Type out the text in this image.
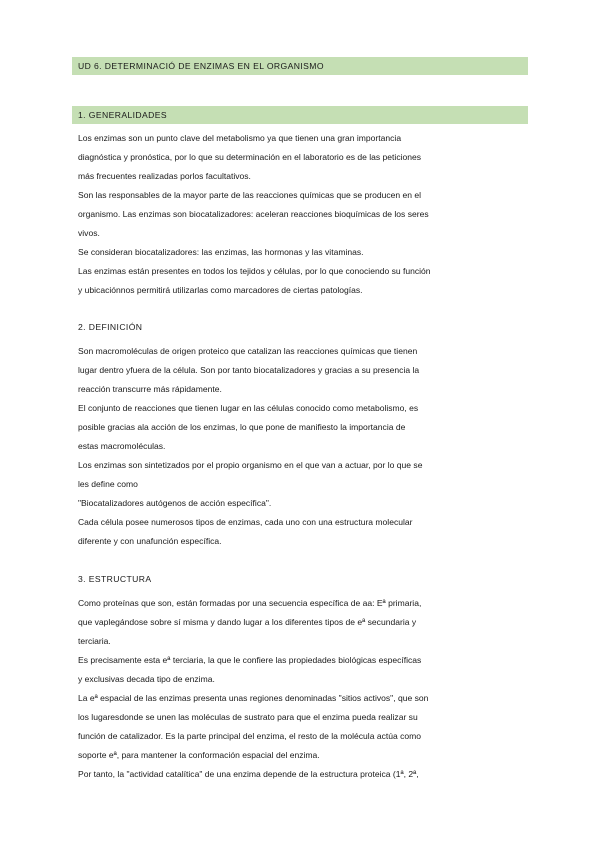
UD 6. DETERMINACIÓ DE ENZIMAS EN EL ORGANISMO
1. GENERALIDADES

Los enzimas son un punto clave del metabolismo ya que tienen una gran importancia

diagnóstica y pronóstica, por lo que su determinación en el laboratorio es de las peticiones

más frecuentes realizadas porlos facultativos.

Son las responsables de la mayor parte de las reacciones químicas que se producen en el

organismo. Las enzimas son biocatalizadores: aceleran reacciones bioquímicas de los seres

vivos.

Se consideran biocatalizadores: las enzimas, las hormonas y las vitaminas.

Las enzimas están presentes en todos los tejidos y células, por lo que conociendo su función

y ubicaciónnos permitirá utilizarlas como marcadores de ciertas patologías.

2. DEFINICIÓN

Son macromoléculas de origen proteico que catalizan las reacciones químicas que tienen

lugar dentro yfuera de la célula. Son por tanto biocatalizadores y gracias a su presencia la

reacción transcurre más rápidamente.

El conjunto de reacciones que tienen lugar en las células conocido como metabolismo, es

posible gracias ala acción de los enzimas, lo que pone de manifiesto la importancia de

estas macromoléculas.

Los enzimas son sintetizados por el propio organismo en el que van a actuar, por lo que se

les define como

"Biocatalizadores autógenos de acción específica".

Cada célula posee numerosos tipos de enzimas, cada uno con una estructura molecular

diferente y con unafunción específica.

3. ESTRUCTURA

Como proteínas que son, están formadas por una secuencia específica de aa: Eª primaria,

que vaplegándose sobre sí misma y dando lugar a los diferentes tipos de eª secundaria y

terciaria.

Es precisamente esta eª terciaria, la que le confiere las propiedades biológicas específicas

y exclusivas decada tipo de enzima.

La eª espacial de las enzimas presenta unas regiones denominadas "sitios activos", que son

los lugaresdonde se unen las moléculas de sustrato para que el enzima pueda realizar su

función de catalizador. Es la parte principal del enzima, el resto de la molécula actúa como

soporte eª, para mantener la conformación espacial del enzima.

Por tanto, la "actividad catalítica" de una enzima depende de la estructura proteica (1ª, 2ª,
